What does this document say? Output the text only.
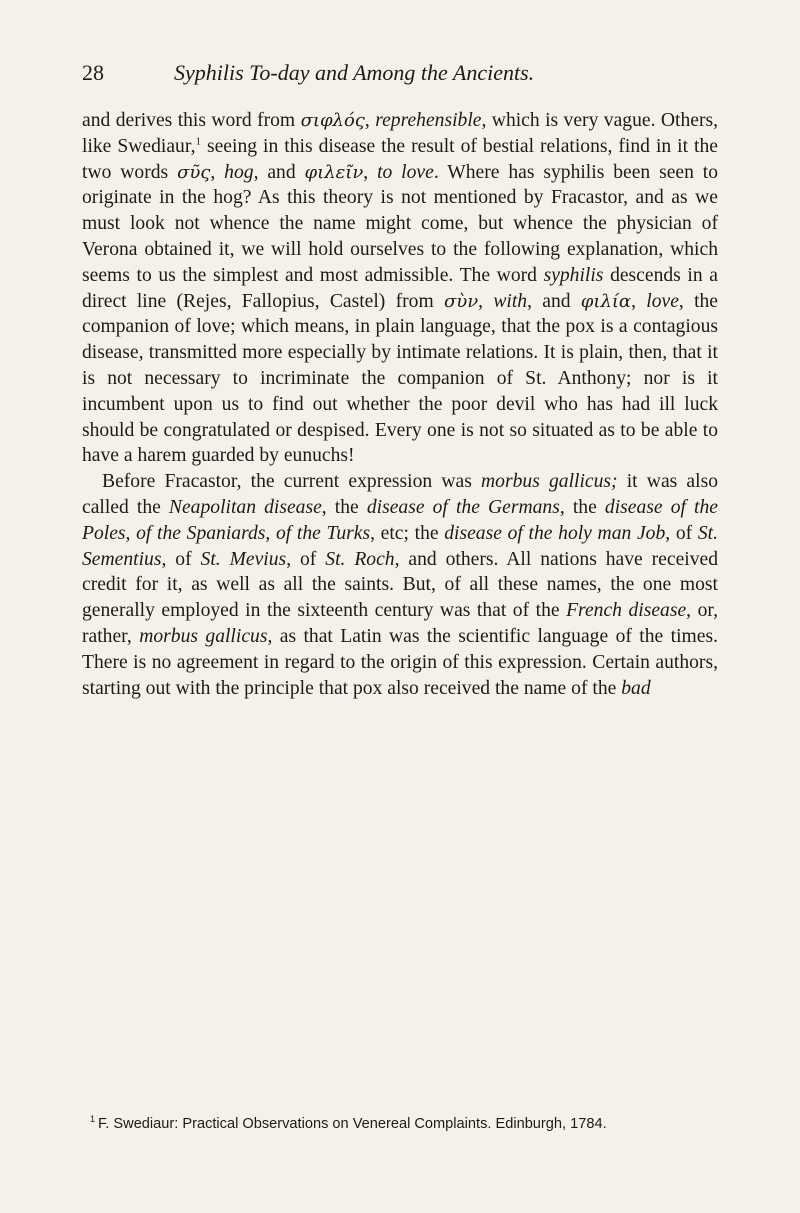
28	Syphilis To-day and Among the Ancients.

and derives this word from σιφλός, reprehensible, which is very vague. Others, like Swediaur,$^1$ seeing in this disease the result of bestial relations, find in it the two words σῦς, hog, and φιλεῖν, to love. Where has syphilis been seen to originate in the hog? As this theory is not mentioned by Fracastor, and as we must look not whence the name might come, but whence the physician of Verona obtained it, we will hold ourselves to the following explanation, which seems to us the simplest and most admissible. The word syphilis descends in a direct line (Rejes, Fallopius, Castel) from σὺν, with, and φιλία, love, the companion of love; which means, in plain language, that the pox is a contagious disease, transmitted more especially by intimate relations. It is plain, then, that it is not necessary to incriminate the companion of St. Anthony; nor is it incumbent upon us to find out whether the poor devil who has had ill luck should be congratulated or despised. Every one is not so situated as to be able to have a harem guarded by eunuchs!

Before Fracastor, the current expression was morbus gallicus; it was also called the Neapolitan disease, the disease of the Germans, the disease of the Poles, of the Spaniards, of the Turks, etc; the disease of the holy man Job, of St. Sementius, of St. Mevius, of St. Roch, and others. All nations have received credit for it, as well as all the saints. But, of all these names, the one most generally employed in the sixteenth century was that of the French disease, or, rather, morbus gallicus, as that Latin was the scientific language of the times. There is no agreement in regard to the origin of this expression. Certain authors, starting out with the principle that pox also received the name of the bad

$^1$ F. Swediaur: Practical Observations on Venereal Complaints. Edinburgh, 1784.
